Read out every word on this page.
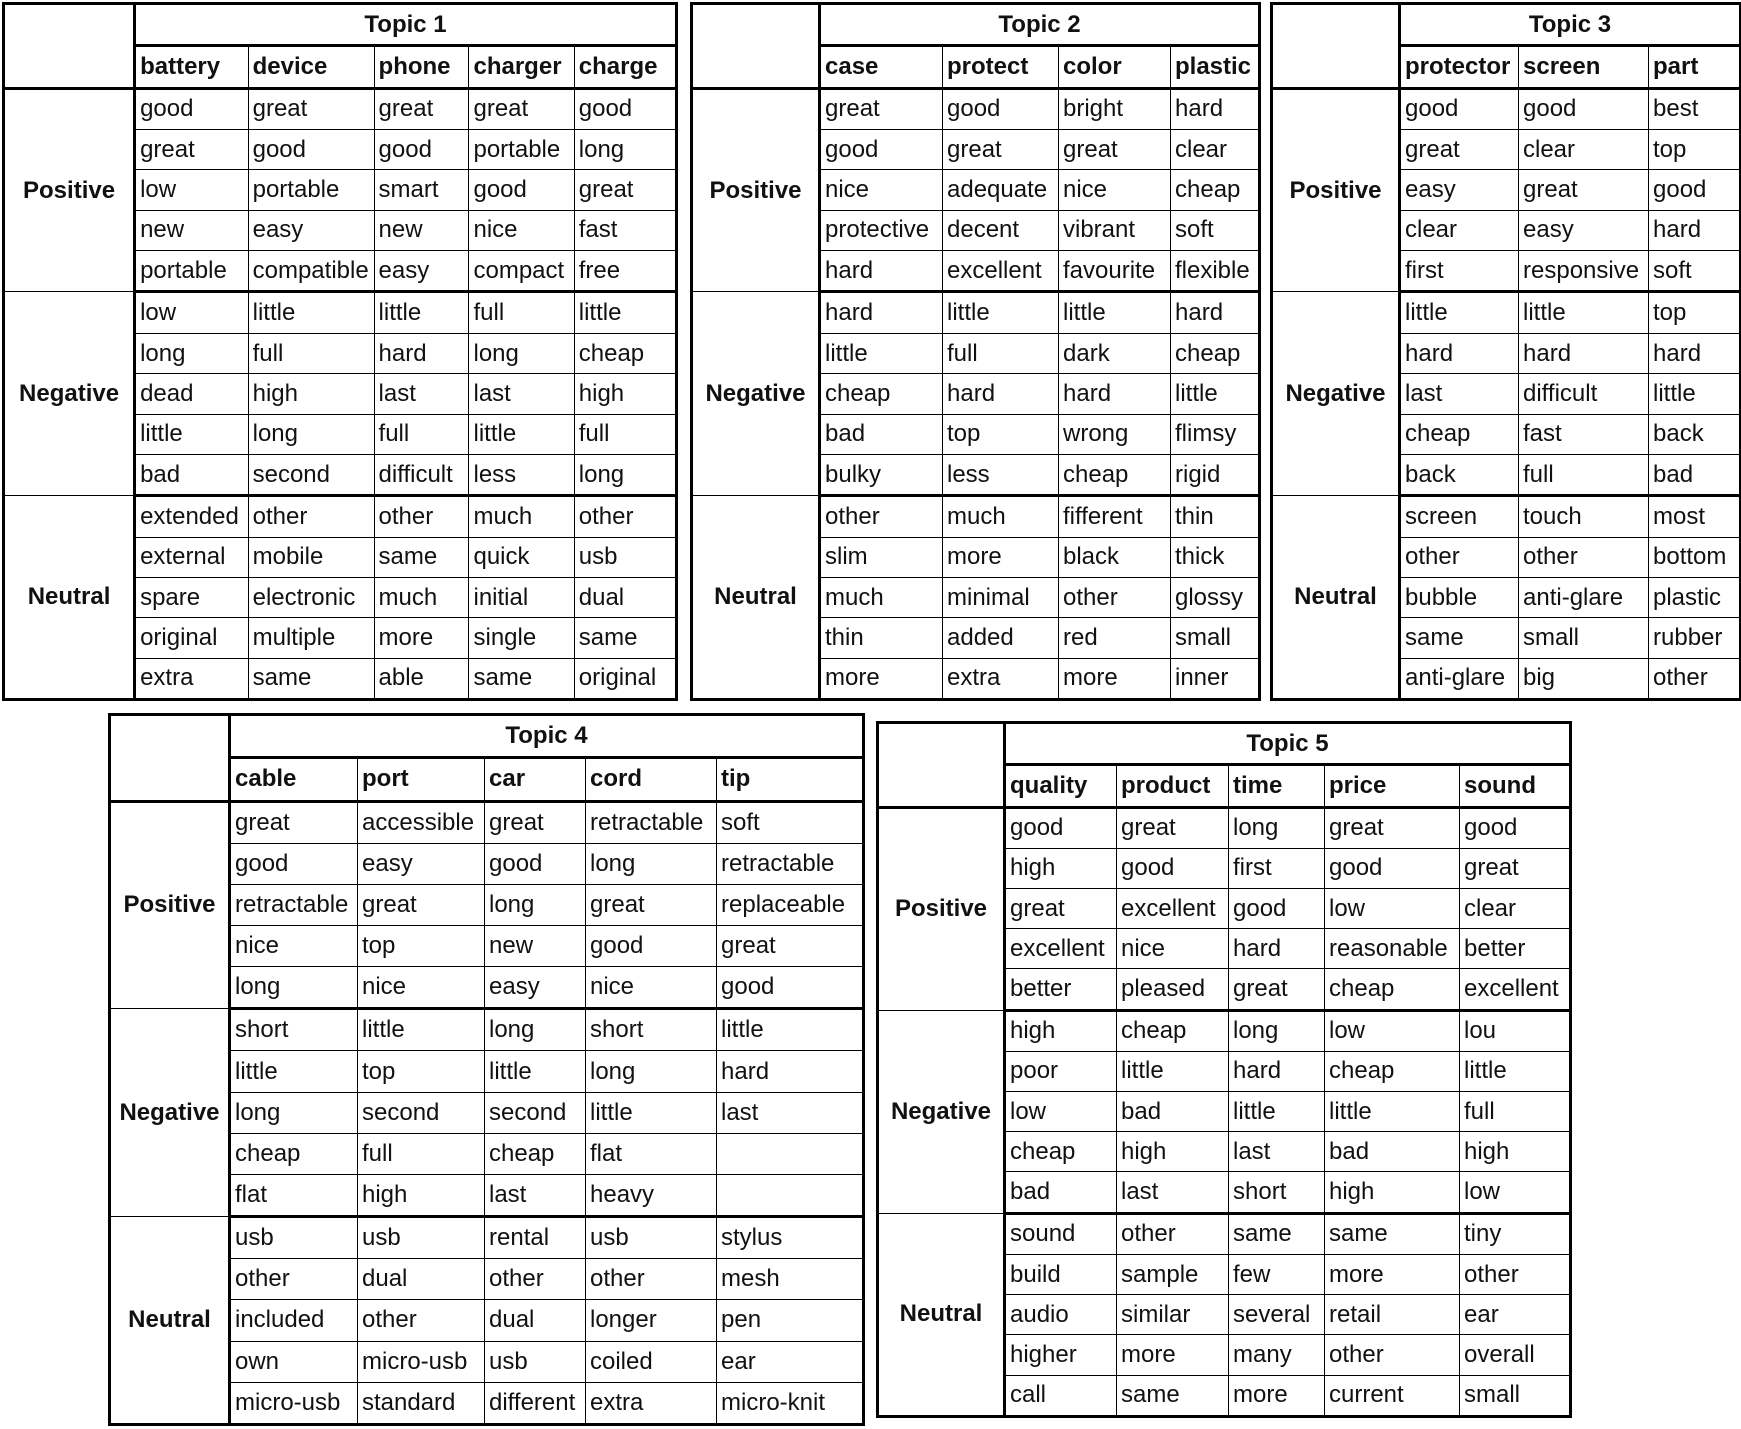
	Topic 1				
	battery	device	phone	charger	charge
Positive	good	great	great	great	good
	great	good	good	portable	long
	low	portable	smart	good	great
	new	easy	new	nice	fast
	portable	compatible	easy	compact	free
Negative	low	little	little	full	little
	long	full	hard	long	cheap
	dead	high	last	last	high
	little	long	full	little	full
	bad	second	difficult	less	long
Neutral	extended	other	other	much	other
	external	mobile	same	quick	usb
	spare	electronic	much	initial	dual
	original	multiple	more	single	same
	extra	same	able	same	original
	Topic 2			
	case	protect	color	plastic
Positive	great	good	bright	hard
	good	great	great	clear
	nice	adequate	nice	cheap
	protective	decent	vibrant	soft
	hard	excellent	favourite	flexible
Negative	hard	little	little	hard
	little	full	dark	cheap
	cheap	hard	hard	little
	bad	top	wrong	flimsy
	bulky	less	cheap	rigid
Neutral	other	much	fifferent	thin
	slim	more	black	thick
	much	minimal	other	glossy
	thin	added	red	small
	more	extra	more	inner
	Topic 3		
	protector	screen	part
Positive	good	good	best
	great	clear	top
	easy	great	good
	clear	easy	hard
	first	responsive	soft
Negative	little	little	top
	hard	hard	hard
	last	difficult	little
	cheap	fast	back
	back	full	bad
Neutral	screen	touch	most
	other	other	bottom
	bubble	anti-glare	plastic
	same	small	rubber
	anti-glare	big	other
	Topic 4				
	cable	port	car	cord	tip
Positive	great	accessible	great	retractable	soft
	good	easy	good	long	retractable
	retractable	great	long	great	replaceable
	nice	top	new	good	great
	long	nice	easy	nice	good
Negative	short	little	long	short	little
	little	top	little	long	hard
	long	second	second	little	last
	cheap	full	cheap	flat	
	flat	high	last	heavy	
Neutral	usb	usb	rental	usb	stylus
	other	dual	other	other	mesh
	included	other	dual	longer	pen
	own	micro-usb	usb	coiled	ear
	micro-usb	standard	different	extra	micro-knit
	Topic 5				
	quality	product	time	price	sound
Positive	good	great	long	great	good
	high	good	first	good	great
	great	excellent	good	low	clear
	excellent	nice	hard	reasonable	better
	better	pleased	great	cheap	excellent
Negative	high	cheap	long	low	lou
	poor	little	hard	cheap	little
	low	bad	little	little	full
	cheap	high	last	bad	high
	bad	last	short	high	low
Neutral	sound	other	same	same	tiny
	build	sample	few	more	other
	audio	similar	several	retail	ear
	higher	more	many	other	overall
	call	same	more	current	small
